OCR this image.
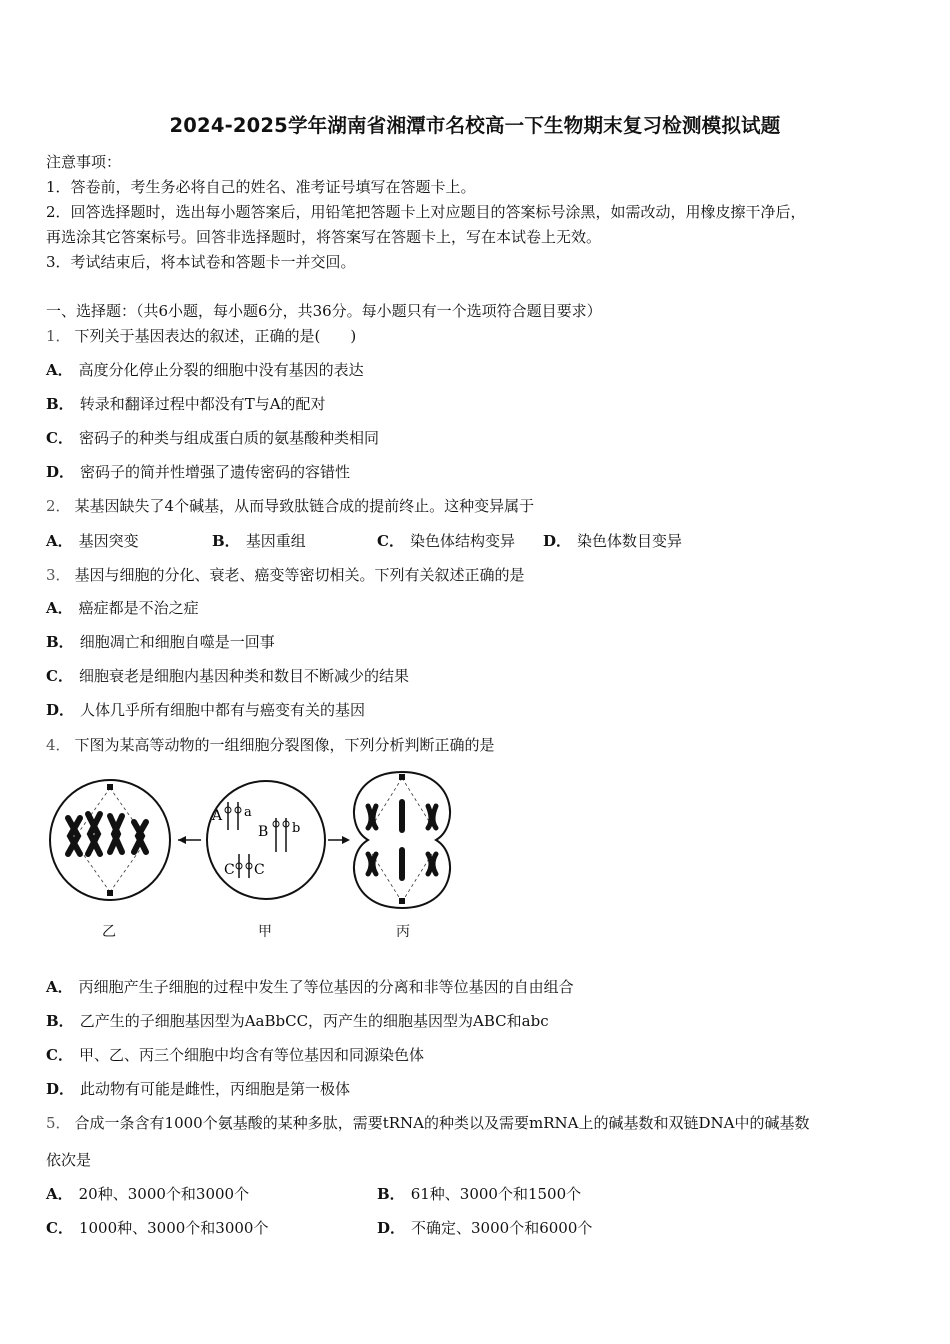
2024-2025学年湖南省湘潭市名校高一下生物期末复习检测模拟试题
注意事项：
1．答卷前，考生务必将自己的姓名、准考证号填写在答题卡上。
2．回答选择题时，选出每小题答案后，用铅笔把答题卡上对应题目的答案标号涂黑，如需改动，用橡皮擦干净后，
再选涂其它答案标号。回答非选择题时，将答案写在答题卡上，写在本试卷上无效。
3．考试结束后，将本试卷和答题卡一并交回。
一、选择题：（共6小题，每小题6分，共36分。每小题只有一个选项符合题目要求）
1． 下列关于基因表达的叙述，正确的是(　　)
A． 高度分化停止分裂的细胞中没有基因的表达
B． 转录和翻译过程中都没有T与A的配对
C． 密码子的种类与组成蛋白质的氨基酸种类相同
D． 密码子的简并性增强了遗传密码的容错性
2． 某基因缺失了4个碱基，从而导致肽链合成的提前终止。这种变异属于
A． 基因突变	B． 基因重组	C． 染色体结构变异 D． 染色体数目变异
3． 基因与细胞的分化、衰老、癌变等密切相关。下列有关叙述正确的是
A． 癌症都是不治之症
B． 细胞凋亡和细胞自噬是一回事
C． 细胞衰老是细胞内基因种类和数目不断减少的结果
D． 人体几乎所有细胞中都有与癌变有关的基因
4． 下图为某高等动物的一组细胞分裂图像，下列分析判断正确的是
A a
B b
C C
乙	甲	丙
A． 丙细胞产生子细胞的过程中发生了等位基因的分离和非等位基因的自由组合
B． 乙产生的子细胞基因型为AaBbCC，丙产生的细胞基因型为ABC和abc
C． 甲、乙、丙三个细胞中均含有等位基因和同源染色体
D． 此动物有可能是雌性，丙细胞是第一极体
5． 合成一条含有1000个氨基酸的某种多肽，需要tRNA的种类以及需要mRNA上的碱基数和双链DNA中的碱基数
依次是
A． 20种、3000个和3000个	B． 61种、3000个和1500个
C． 1000种、3000个和3000个	D． 不确定、3000个和6000个
